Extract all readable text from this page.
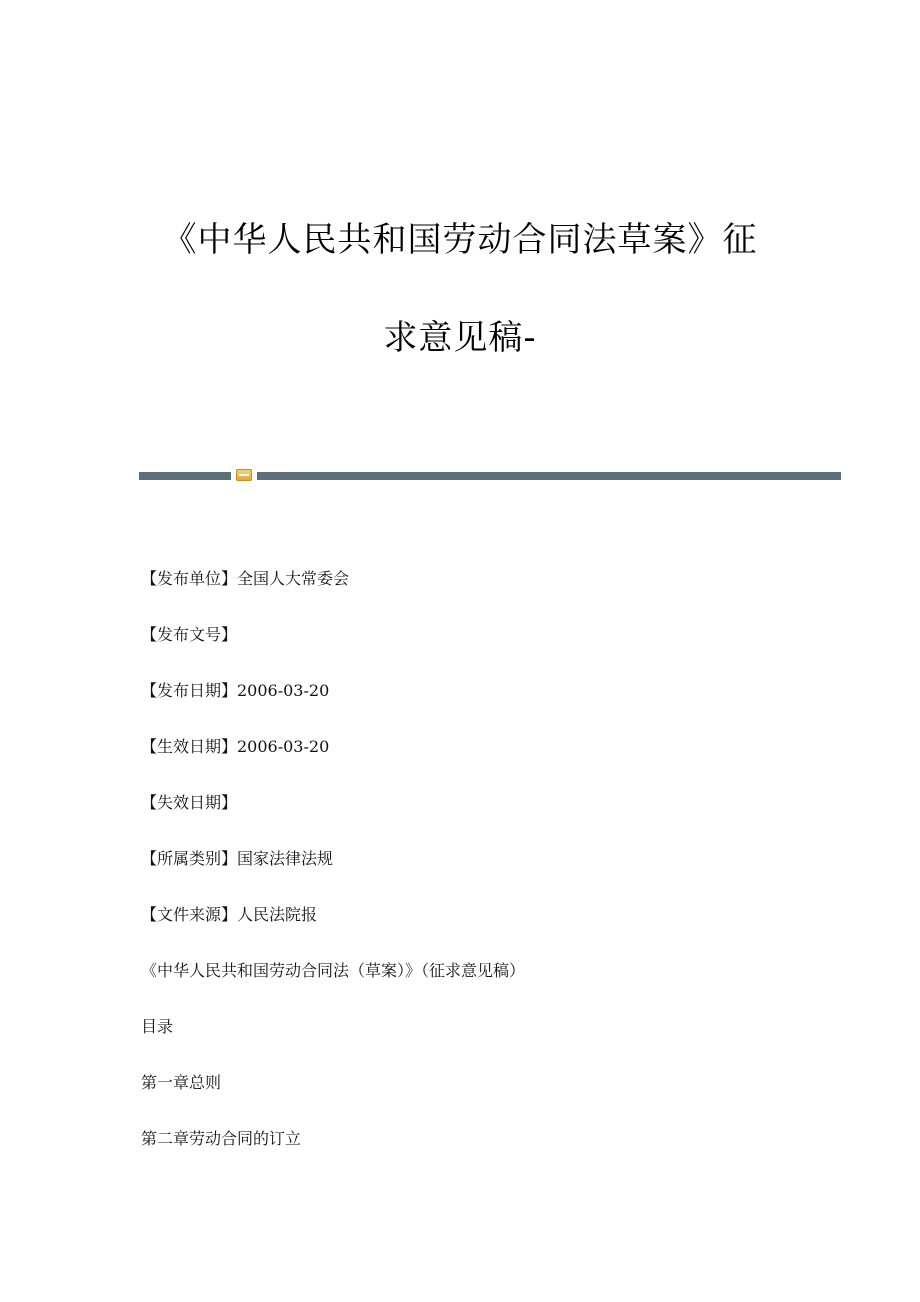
《中华人民共和国劳动合同法草案》征
求意见稿-
【发布单位】全国人大常委会
【发布文号】
【发布日期】2006-03-20
【生效日期】2006-03-20
【失效日期】
【所属类别】国家法律法规
【文件来源】人民法院报
《中华人民共和国劳动合同法（草案）》（征求意见稿）
目录
第一章总则
第二章劳动合同的订立
